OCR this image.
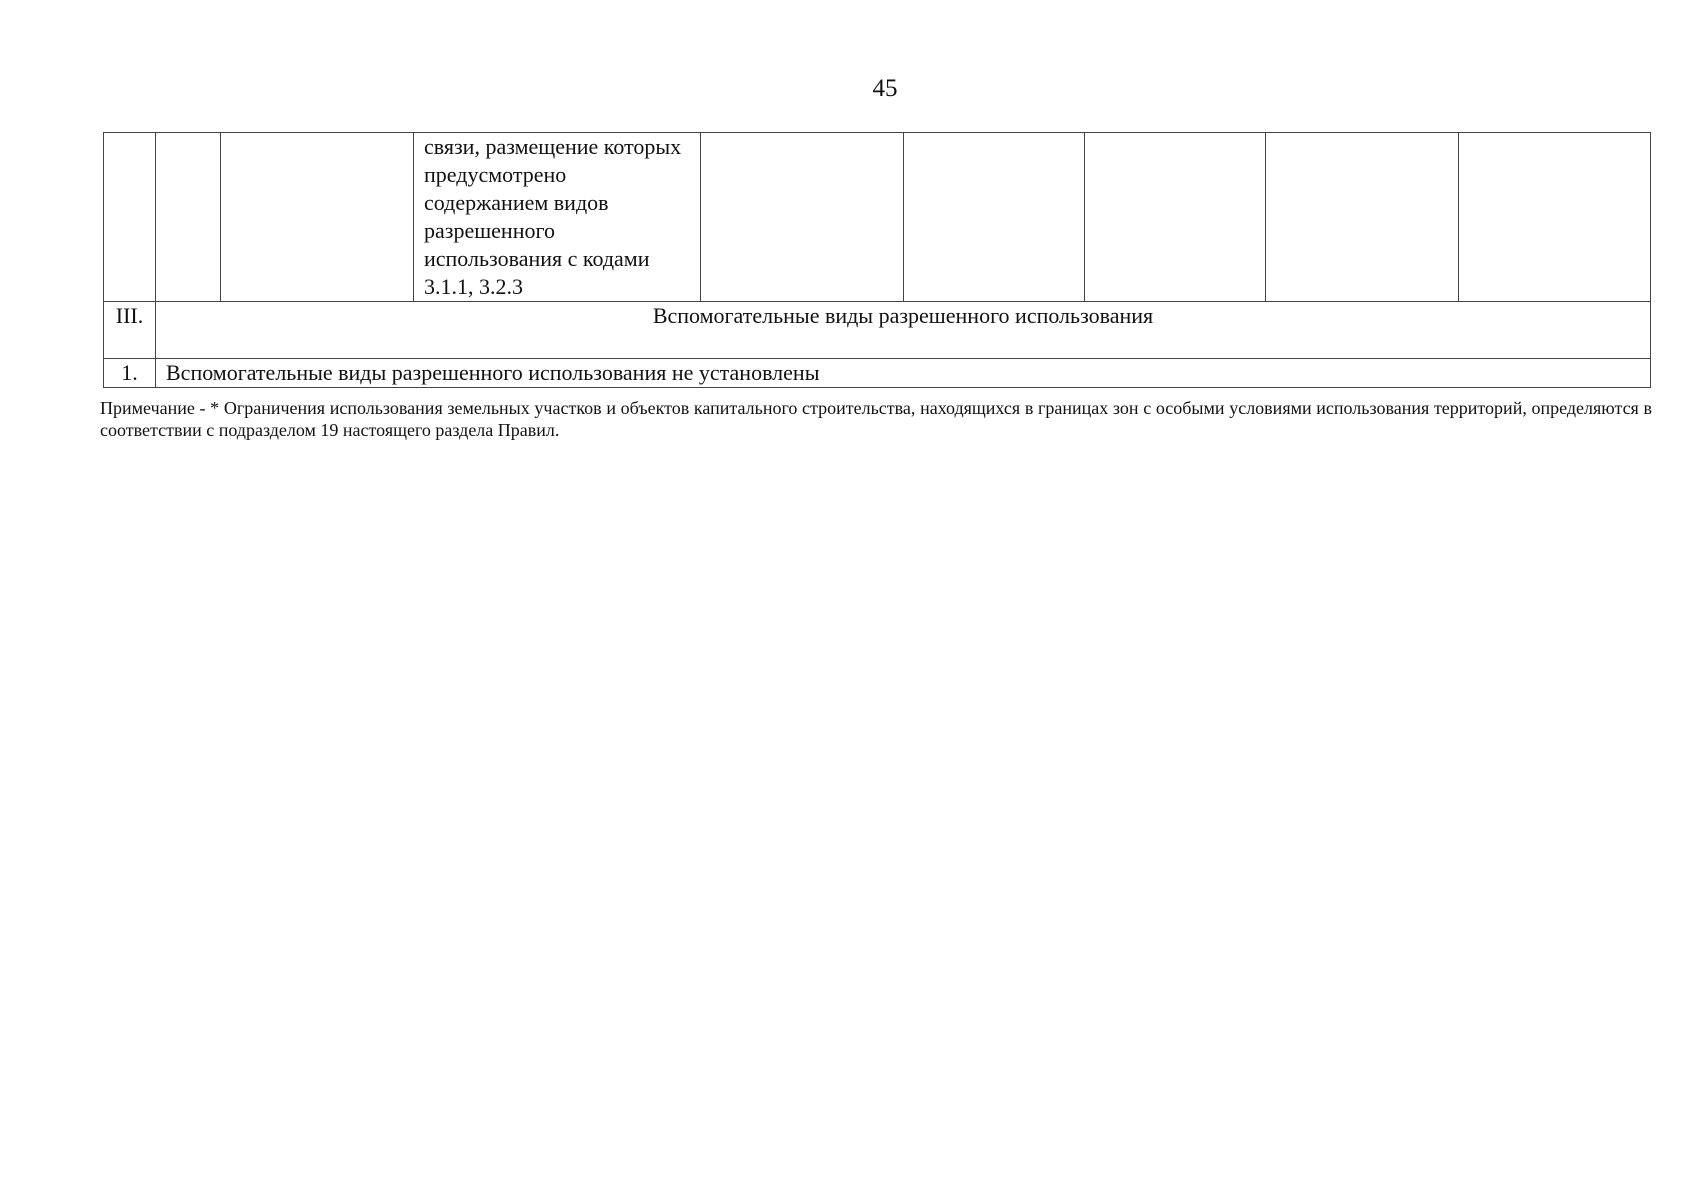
45
			связи, размещение которых предусмотрено содержанием видов разрешенного использования с кодами 3.1.1, 3.2.3					
III.	Вспомогательные виды разрешенного использования							
1.	Вспомогательные виды разрешенного использования не установлены							
Примечание - * Ограничения использования земельных участков и объектов капитального строительства, находящихся в границах зон с особыми условиями использования территорий, определяются в соответствии с подразделом 19 настоящего раздела Правил.
